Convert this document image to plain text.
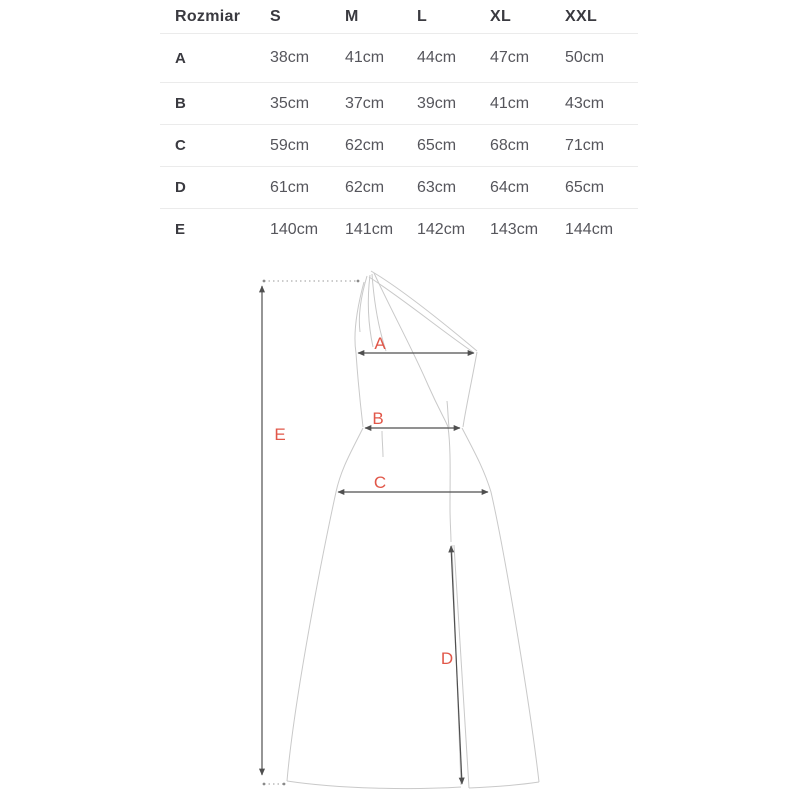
Rozmiar	S	M	L	XL	XXL
A	38cm	41cm	44cm	47cm	50cm
B	35cm	37cm	39cm	41cm	43cm
C	59cm	62cm	65cm	68cm	71cm
D	61cm	62cm	63cm	64cm	65cm
E	140cm	141cm	142cm	143cm	144cm
A
B
C
D
E
